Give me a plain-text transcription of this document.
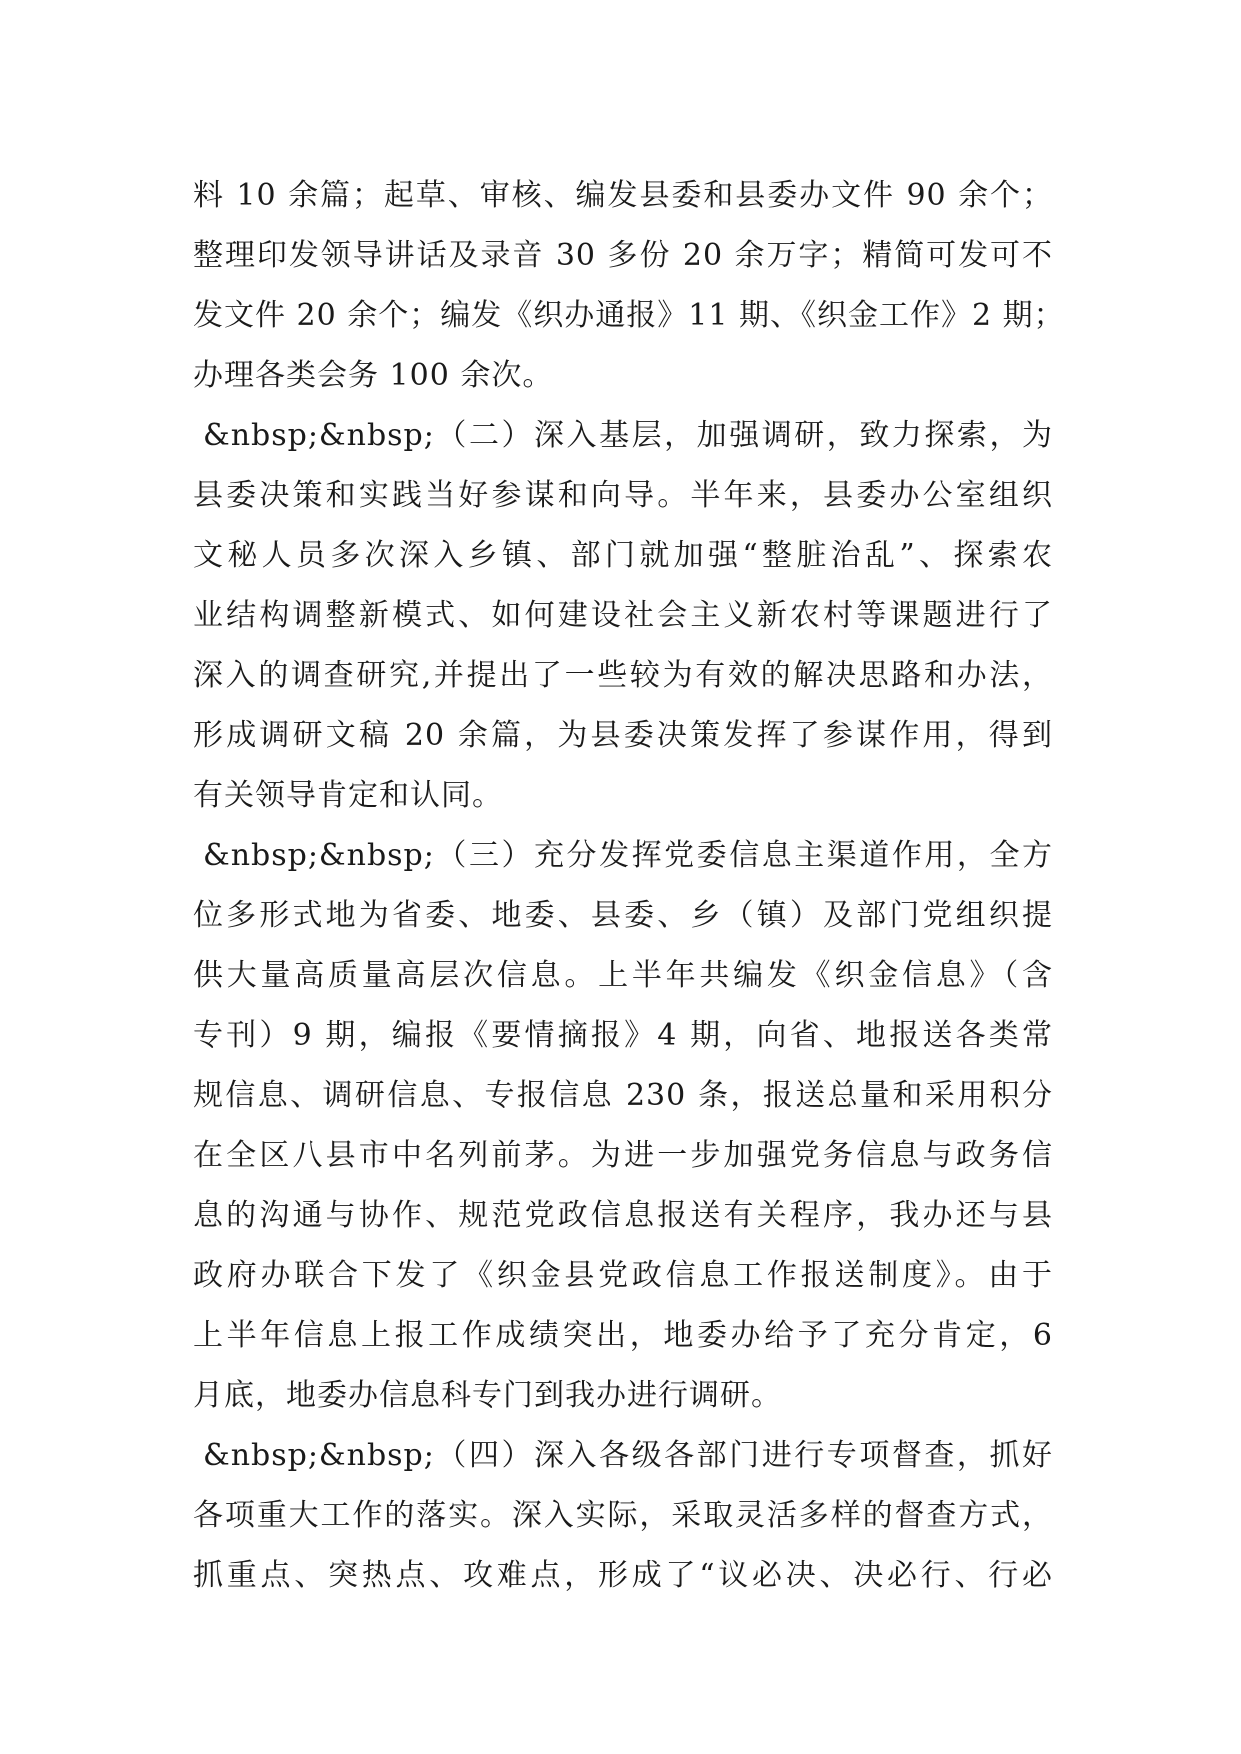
料 10 余篇；起草、审核、编发县委和县委办文件 90 余个；
整理印发领导讲话及录音 30 多份 20 余万字；精简可发可不
发文件 20 余个；编发《织办通报》11 期、《织金工作》2 期；
办理各类会务 100 余次。
&nbsp;&nbsp;（二）深入基层，加强调研，致力探索，为
县委决策和实践当好参谋和向导。半年来，县委办公室组织
文秘人员多次深入乡镇、部门就加强“整脏治乱”、探索农
业结构调整新模式、如何建设社会主义新农村等课题进行了
深入的调查研究,并提出了一些较为有效的解决思路和办法，
形成调研文稿 20 余篇，为县委决策发挥了参谋作用，得到
有关领导肯定和认同。
&nbsp;&nbsp;（三）充分发挥党委信息主渠道作用，全方
位多形式地为省委、地委、县委、乡（镇）及部门党组织提
供大量高质量高层次信息。上半年共编发《织金信息》（含
专刊）9 期，编报《要情摘报》4 期，向省、地报送各类常
规信息、调研信息、专报信息 230 条，报送总量和采用积分
在全区八县市中名列前茅。为进一步加强党务信息与政务信
息的沟通与协作、规范党政信息报送有关程序，我办还与县
政府办联合下发了《织金县党政信息工作报送制度》。由于
上半年信息上报工作成绩突出，地委办给予了充分肯定，6
月底，地委办信息科专门到我办进行调研。
&nbsp;&nbsp;（四）深入各级各部门进行专项督查，抓好
各项重大工作的落实。深入实际，采取灵活多样的督查方式，
抓重点、突热点、攻难点，形成了“议必决、决必行、行必
